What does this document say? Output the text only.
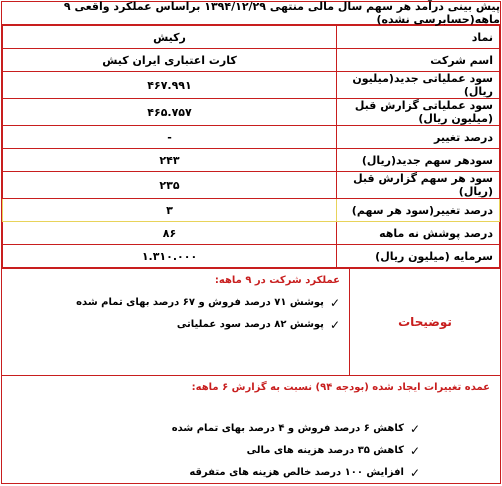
پیش بینی درآمد هر سهم سال مالی منتهی ۱۳۹۴/۱۲/۲۹ براساس عملکرد واقعی ۹ ماهه(حسابرسی نشده)
نماد	رکیش
اسم شرکت	کارت اعتباری ایران کیش
سود عملیاتی جدید(میلیون ریال)	۴۶۷.۹۹۱
سود عملیاتی گزارش قبل (میلیون ریال)	۴۶۵.۷۵۷
درصد تغییر	-
سودهر سهم جدید(ریال)	۲۴۳
سود هر سهم گزارش قبل (ریال)	۲۳۵
درصد تغییر(سود هر سهم)	۳
درصد پوشش نه ماهه	۸۶
سرمایه (میلیون ریال)	۱.۳۱۰.۰۰۰
توضیحات
عملکرد شرکت در ۹ ماهه:
✓
پوشش ۷۱ درصد فروش و ۶۷ درصد بهای تمام شده
✓
پوشش ۸۲ درصد سود عملیاتی
عمده تغییرات ایجاد شده (بودجه ۹۴) نسبت به گزارش ۶ ماهه:
✓
کاهش ۶ درصد فروش و ۴ درصد بهای تمام شده
✓
کاهش ۳۵ درصد هزینه های مالی
✓
افزایش ۱۰۰ درصد خالص هزینه های متفرقه
